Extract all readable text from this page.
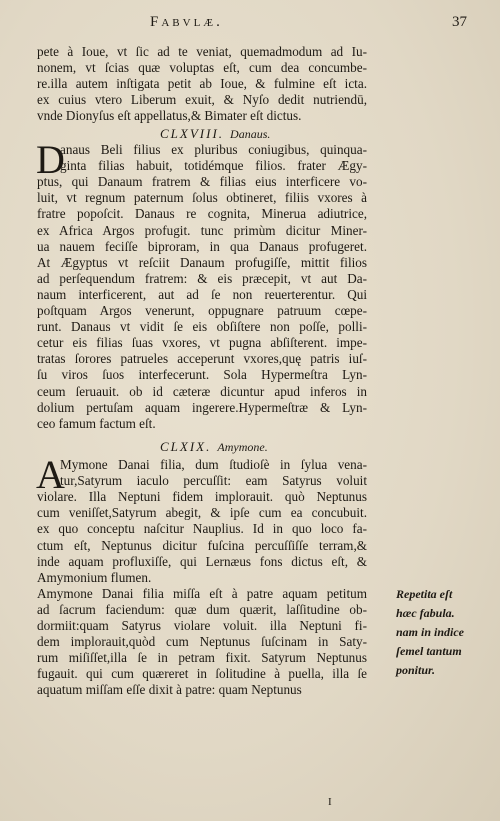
Fabvlæ.	37
pete à Ioue, vt ſic ad te veniat, quemadmodum ad Iu-
nonem, vt ſcias quæ voluptas eſt, cum dea concumbe-
re.illa autem inſtigata petit ab Ioue, & fulmine eſt icta.
ex cuius vtero Liberum exuit, & Nyſo dedit nutriendū,
vnde Dionyſus eſt appellatus,& Bimater eſt dictus.
anaus Beli filius ex pluribus coniugibus, quinqua-
ginta filias habuit, totidémque filios. frater Ægy-
ptus, qui Danaum fratrem & filias eius interficere vo-
luit, vt regnum paternum ſolus obtineret, filiis vxores à
fratre popoſcit. Danaus re cognita, Minerua adiutrice,
ex Africa Argos profugit. tunc primùm dicitur Miner-
ua nauem feciſſe biproram, in qua Danaus profugeret.
At Ægyptus vt reſciit Danaum profugiſſe, mittit filios
ad perſequendum fratrem: & eis præcepit, vt aut Da-
naum interficerent, aut ad ſe non reuerterentur. Qui
poſtquam Argos venerunt, oppugnare patruum cœpe-
runt. Danaus vt vidit ſe eis obſiſtere non poſſe, polli-
cetur eis filias ſuas vxores, vt pugna abſiſterent. impe-
tratas ſorores patrueles acceperunt vxores,quę patris iuſ-
ſu viros ſuos interfecerunt. Sola Hypermeſtra Lyn-
ceum ſeruauit. ob id cæteræ dicuntur apud inferos in
dolium pertuſam aquam ingerere.Hypermeſtræ & Lyn-
ceo famum factum eſt.
Mymone Danai filia, dum ſtudioſè in ſylua vena-
tur,Satyrum iaculo percuſſit: eam Satyrus voluit
violare. Illa Neptuni fidem implorauit. quò Neptunus
cum veniſſet,Satyrum abegit, & ipſe cum ea concubuit.
ex quo conceptu naſcitur Nauplius. Id in quo loco fa-
ctum eſt, Neptunus dicitur fuſcina percuſſiſſe terram,&
inde aquam profluxiſſe, qui Lernæus fons dictus eſt, &
Amymonium flumen.
Amymone Danai filia miſſa eſt à patre aquam petitum
ad ſacrum faciendum: quæ dum quærit, laſſitudine ob-
dormiit:quam Satyrus violare voluit. illa Neptuni fi-
dem implorauit,quòd cum Neptunus ſuſcinam in Saty-
rum miſiſſet,illa ſe in petram fixit. Satyrum Neptunus
fugauit. qui cum quæreret in ſolitudine à puella, illa ſe
aquatum miſſam eſſe dixit à patre: quam Neptunus
CLXVIII. Danaus.
D
CLXIX. Amymone.
A
Repetita eſt
hæc fabula.
nam in indice
ſemel tantum
ponitur.
I
